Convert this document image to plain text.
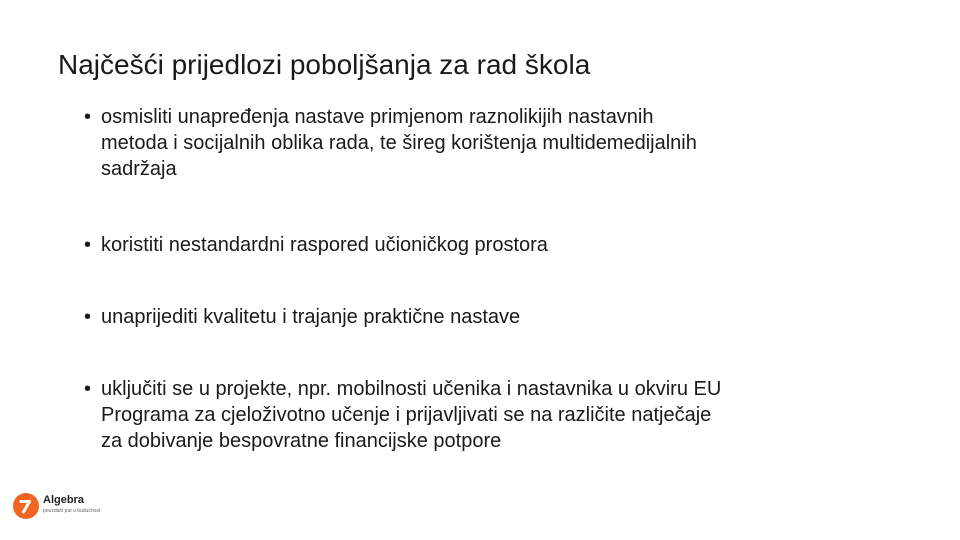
Najčešći prijedlozi poboljšanja za rad škola
• osmisliti unapređenja nastave primjenom raznolikijih nastavnih
metoda i socijalnih oblika rada, te šireg korištenja multidemedijalnih
sadržaja
• koristiti nestandardni raspored učioničkog prostora
• unaprijediti kvalitetu i trajanje praktične nastave
• uključiti se u projekte, npr. mobilnosti učenika i nastavnika u okviru EU
Programa za cjeloživotno učenje i prijavljivati se na različite natječaje
za dobivanje bespovratne financijske potpore
Algebra
pouzdani put u budućnost
